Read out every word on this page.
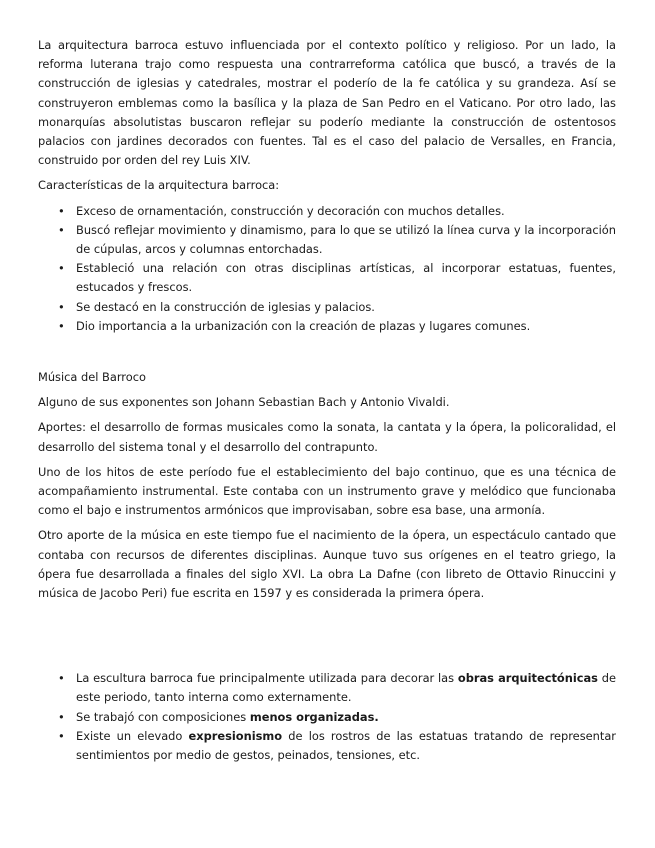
La arquitectura barroca estuvo influenciada por el contexto político y religioso. Por un lado, la reforma luterana trajo como respuesta una contrarreforma católica que buscó, a través de la construcción de iglesias y catedrales, mostrar el poderío de la fe católica y su grandeza. Así se construyeron emblemas como la basílica y la plaza de San Pedro en el Vaticano. Por otro lado, las monarquías absolutistas buscaron reflejar su poderío mediante la construcción de ostentosos palacios con jardines decorados con fuentes. Tal es el caso del palacio de Versalles, en Francia, construido por orden del rey Luis XIV.

Características de la arquitectura barroca:

• Exceso de ornamentación, construcción y decoración con muchos detalles.
• Buscó reflejar movimiento y dinamismo, para lo que se utilizó la línea curva y la incorporación de cúpulas, arcos y columnas entorchadas.
• Estableció una relación con otras disciplinas artísticas, al incorporar estatuas, fuentes, estucados y frescos.
• Se destacó en la construcción de iglesias y palacios.
• Dio importancia a la urbanización con la creación de plazas y lugares comunes.

Música del Barroco

Alguno de sus exponentes son Johann Sebastian Bach y Antonio Vivaldi.

Aportes: el desarrollo de formas musicales como la sonata, la cantata y la ópera, la policoralidad, el desarrollo del sistema tonal y el desarrollo del contrapunto.

Uno de los hitos de este período fue el establecimiento del bajo continuo, que es una técnica de acompañamiento instrumental. Este contaba con un instrumento grave y melódico que funcionaba como el bajo e instrumentos armónicos que improvisaban, sobre esa base, una armonía.

Otro aporte de la música en este tiempo fue el nacimiento de la ópera, un espectáculo cantado que contaba con recursos de diferentes disciplinas. Aunque tuvo sus orígenes en el teatro griego, la ópera fue desarrollada a finales del siglo XVI. La obra La Dafne (con libreto de Ottavio Rinuccini y música de Jacobo Peri) fue escrita en 1597 y es considerada la primera ópera.

• La escultura barroca fue principalmente utilizada para decorar las obras arquitectónicas de este periodo, tanto interna como externamente.
• Se trabajó con composiciones menos organizadas.
• Existe un elevado expresionismo de los rostros de las estatuas tratando de representar sentimientos por medio de gestos, peinados, tensiones, etc.
